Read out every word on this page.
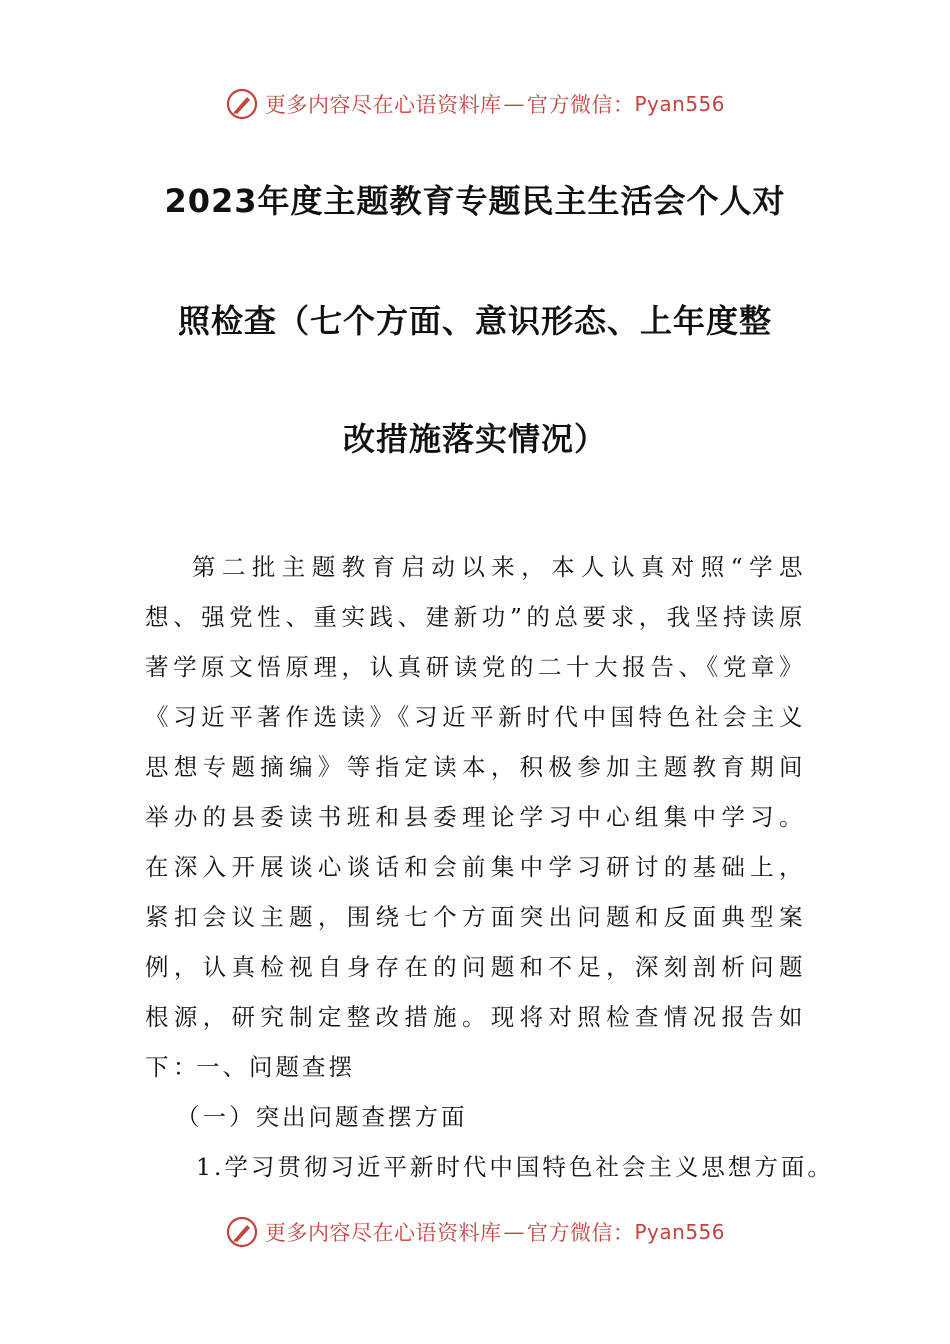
更多内容尽在心语资料库 — 官方微信： Pyan556
2023年度主题教育专题民主生活会个人对
照检查（七个方面、意识形态、上年度整
改措施落实情况）

第二批主题教育启动以来，本人认真对照“学思想、强党性、重实践、建新功”的总要求，我坚持读原著学原文悟原理，认真研读党的二十大报告、《党章》《习近平著作选读》《习近平新时代中国特色社会主义思想专题摘编》等指定读本，积极参加主题教育期间举办的县委读书班和县委理论学习中心组集中学习。在深入开展谈心谈话和会前集中学习研讨的基础上，紧扣会议主题，围绕七个方面突出问题和反面典型案例，认真检视自身存在的问题和不足，深刻剖析问题根源，研究制定整改措施。现将对照检查情况报告如下：

一、问题查摆
（一）突出问题查摆方面
1.学习贯彻习近平新时代中国特色社会主义思想方面。
更多内容尽在心语资料库 — 官方微信： Pyan556
